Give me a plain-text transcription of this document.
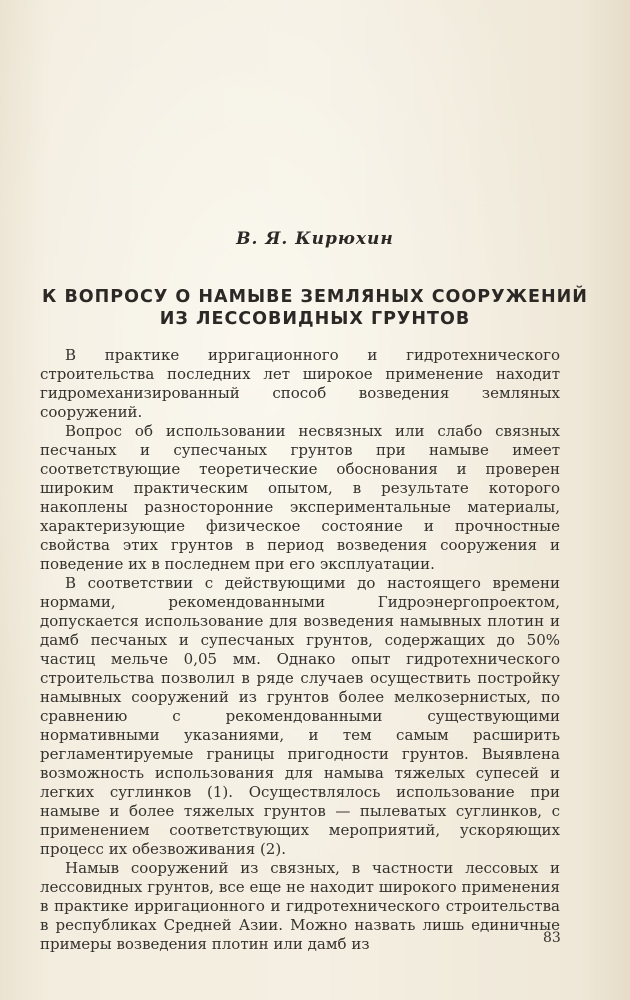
В. Я. Кирюхин
К ВОПРОСУ О НАМЫВЕ ЗЕМЛЯНЫХ СООРУЖЕНИЙ
ИЗ ЛЕССОВИДНЫХ ГРУНТОВ

В практике ирригационного и гидротехнического строительства последних лет широкое применение находит гидромеханизированный способ возведения земляных сооружений.

Вопрос об использовании несвязных или слабо связных песчаных и супесчаных грунтов при намыве имеет соответствующие теоретические обоснования и проверен широким практическим опытом, в результате которого накоплены разносторонние экспериментальные материалы, характеризующие физическое состояние и прочностные свойства этих грунтов в период возведения сооружения и поведение их в последнем при его эксплуатации.

В соответствии с действующими до настоящего времени нормами, рекомендованными Гидроэнергопроектом, допускается использование для возведения намывных плотин и дамб песчаных и супесчаных грунтов, содержащих до 50% частиц мельче 0,05 мм. Однако опыт гидротехнического строительства позволил в ряде случаев осуществить постройку намывных сооружений из грунтов более мелкозернистых, по сравнению с рекомендованными существующими нормативными указаниями, и тем самым расширить регламентируемые границы пригодности грунтов. Выявлена возможность использования для намыва тяжелых супесей и легких суглинков (1). Осуществлялось использование при намыве и более тяжелых грунтов — пылеватых суглинков, с применением соответствующих мероприятий, ускоряющих процесс их обезвоживания (2).

Намыв сооружений из связных, в частности лессовых и лессовидных грунтов, все еще не находит широкого применения в практике ирригационного и гидротехнического строительства в республиках Средней Азии. Можно назвать лишь единичные примеры возведения плотин или дамб из	83
